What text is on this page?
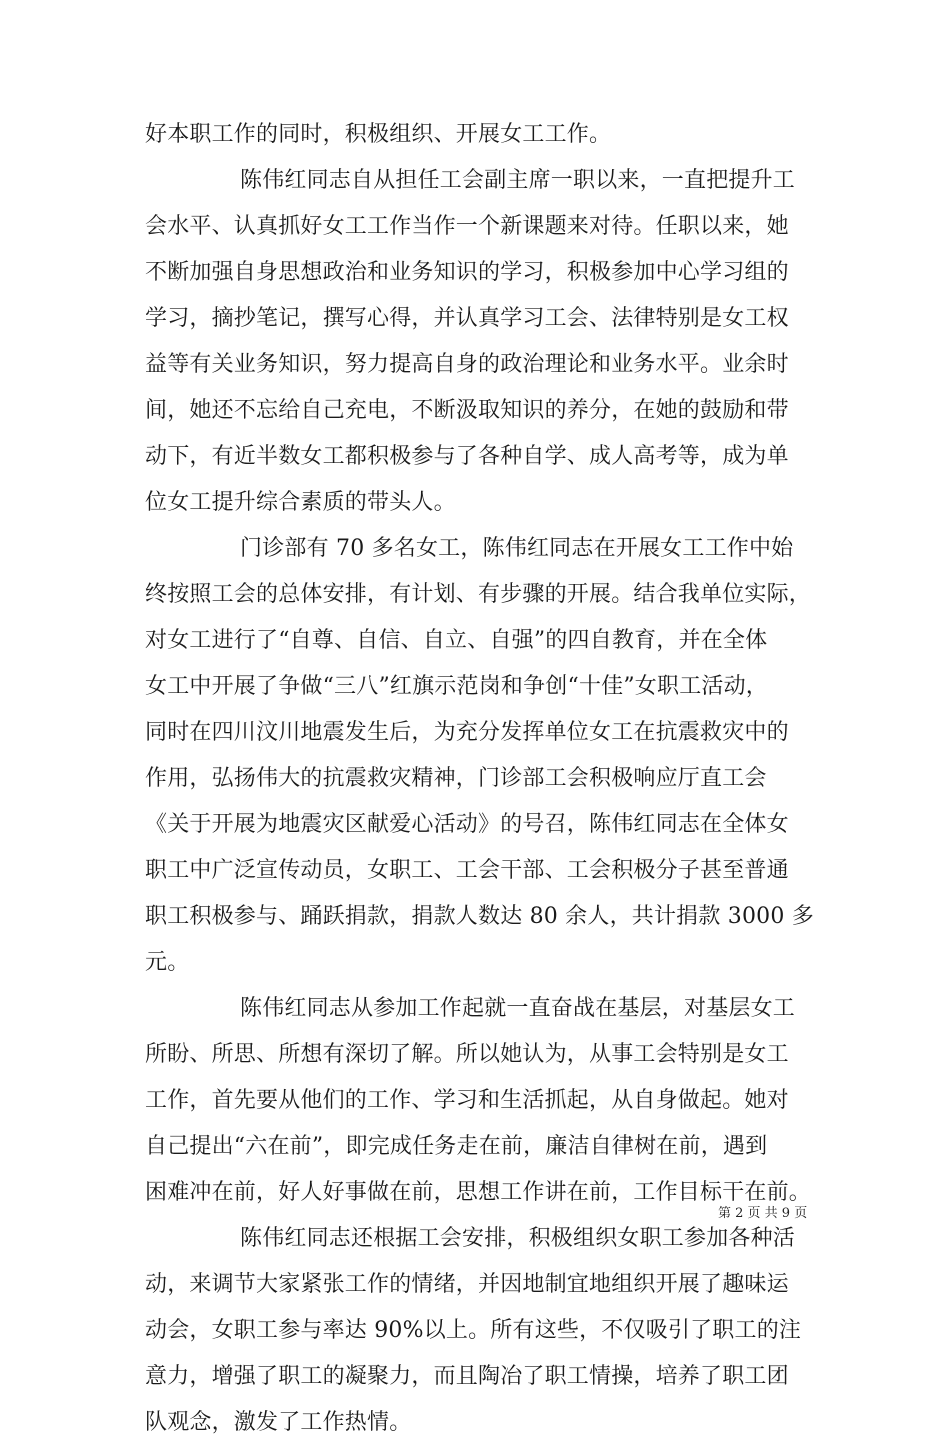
好本职工作的同时，积极组织、开展女工工作。
陈伟红同志自从担任工会副主席一职以来，一直把提升工
会水平、认真抓好女工工作当作一个新课题来对待。任职以来，她
不断加强自身思想政治和业务知识的学习，积极参加中心学习组的
学习，摘抄笔记，撰写心得，并认真学习工会、法律特别是女工权
益等有关业务知识，努力提高自身的政治理论和业务水平。业余时
间，她还不忘给自己充电，不断汲取知识的养分，在她的鼓励和带
动下，有近半数女工都积极参与了各种自学、成人高考等，成为单
位女工提升综合素质的带头人。
门诊部有 70 多名女工，陈伟红同志在开展女工工作中始
终按照工会的总体安排，有计划、有步骤的开展。结合我单位实际，
对女工进行了“自尊、自信、自立、自强”的四自教育，并在全体
女工中开展了争做“三八”红旗示范岗和争创“十佳”女职工活动，
同时在四川汶川地震发生后，为充分发挥单位女工在抗震救灾中的
作用，弘扬伟大的抗震救灾精神，门诊部工会积极响应厅直工会
《关于开展为地震灾区献爱心活动》的号召，陈伟红同志在全体女
职工中广泛宣传动员，女职工、工会干部、工会积极分子甚至普通
职工积极参与、踊跃捐款，捐款人数达 80 余人，共计捐款 3000 多
元。
陈伟红同志从参加工作起就一直奋战在基层，对基层女工
所盼、所思、所想有深切了解。所以她认为，从事工会特别是女工
工作，首先要从他们的工作、学习和生活抓起，从自身做起。她对
自己提出“六在前”，即完成任务走在前，廉洁自律树在前，遇到
困难冲在前，好人好事做在前，思想工作讲在前，工作目标干在前。
陈伟红同志还根据工会安排，积极组织女职工参加各种活
动，来调节大家紧张工作的情绪，并因地制宜地组织开展了趣味运
动会，女职工参与率达 90%以上。所有这些，不仅吸引了职工的注
意力，增强了职工的凝聚力，而且陶冶了职工情操，培养了职工团
队观念，激发了工作热情。
第 2 页 共 9 页
